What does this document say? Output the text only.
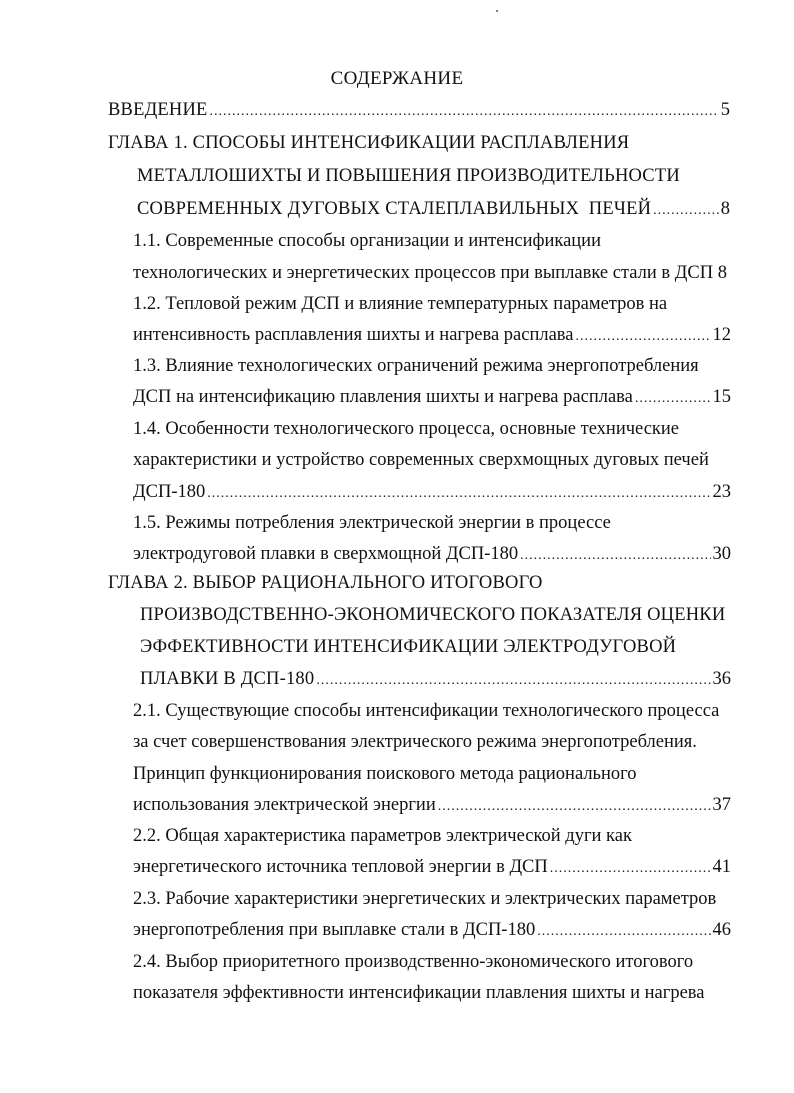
СОДЕРЖАНИЕ
ВВЕДЕНИЕ .....	5
ГЛАВА 1. СПОСОБЫ ИНТЕНСИФИКАЦИИ РАСПЛАВЛЕНИЯ
МЕТАЛЛОШИХТЫ И ПОВЫШЕНИЯ ПРОИЗВОДИТЕЛЬНОСТИ
СОВРЕМЕННЫХ ДУГОВЫХ СТАЛЕПЛАВИЛЬНЫХ  ПЕЧЕЙ .....	8
1.1. Современные способы организации и интенсификации
технологических и энергетических процессов при выплавке стали в ДСП 8
1.2. Тепловой режим ДСП и влияние температурных параметров на
интенсивность расплавления шихты и нагрева расплава .....	12
1.3. Влияние технологических ограничений режима энергопотребления
ДСП на интенсификацию плавления шихты и нагрева расплава .....	15
1.4. Особенности технологического процесса, основные технические
характеристики и устройство современных сверхмощных дуговых печей
ДСП-180 .....	23
1.5. Режимы потребления электрической энергии в процессе
электродуговой плавки в сверхмощной ДСП-180 .....	30
ГЛАВА 2. ВЫБОР РАЦИОНАЛЬНОГО ИТОГОВОГО
ПРОИЗВОДСТВЕННО-ЭКОНОМИЧЕСКОГО ПОКАЗАТЕЛЯ ОЦЕНКИ
ЭФФЕКТИВНОСТИ ИНТЕНСИФИКАЦИИ ЭЛЕКТРОДУГОВОЙ
ПЛАВКИ В ДСП-180 .....	36
2.1. Существующие способы интенсификации технологического процесса
за счет совершенствования электрического режима энергопотребления.
Принцип функционирования поискового метода рационального
использования электрической энергии .....	37
2.2. Общая характеристика параметров электрической дуги как
энергетического источника тепловой энергии в ДСП .....	41
2.3. Рабочие характеристики энергетических и электрических параметров
энергопотребления при выплавке стали в ДСП-180 .....	46
2.4. Выбор приоритетного производственно-экономического итогового
показателя эффективности интенсификации плавления шихты и нагрева
